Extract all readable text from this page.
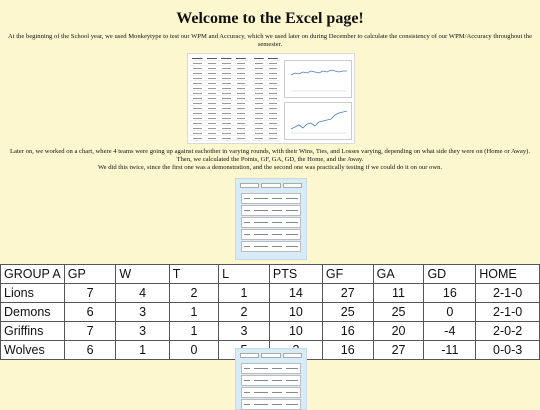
Welcome to the Excel page!

At the beginning of the School year, we used Monkeytype to test our WPM and Accuracy, which we used later on during December to calculate the consistency of our WPM/Accuracy throughout the semester.

Later on, we worked on a chart, where 4 teams were going up against eachother in varying rounds, with their Wins, Ties, and Losses varying, depending on what side they were on (Home or Away). Then, we calculated the Points, GF, GA, GD, the Home, and the Away.
We did this twice, since the first one was a demonstration, and the second one was practically testing if we could do it on our own.

GROUP A	GP	W	T	L	PTS	GF	GA	GD	HOME
Lions	7	4	2	1	14	27	11	16	2-1-0
Demons	6	3	1	2	10	25	25	0	2-1-0
Griffins	7	3	1	3	10	16	20	-4	2-0-2
Wolves	6	1	0			16	27	-11	0-0-3
